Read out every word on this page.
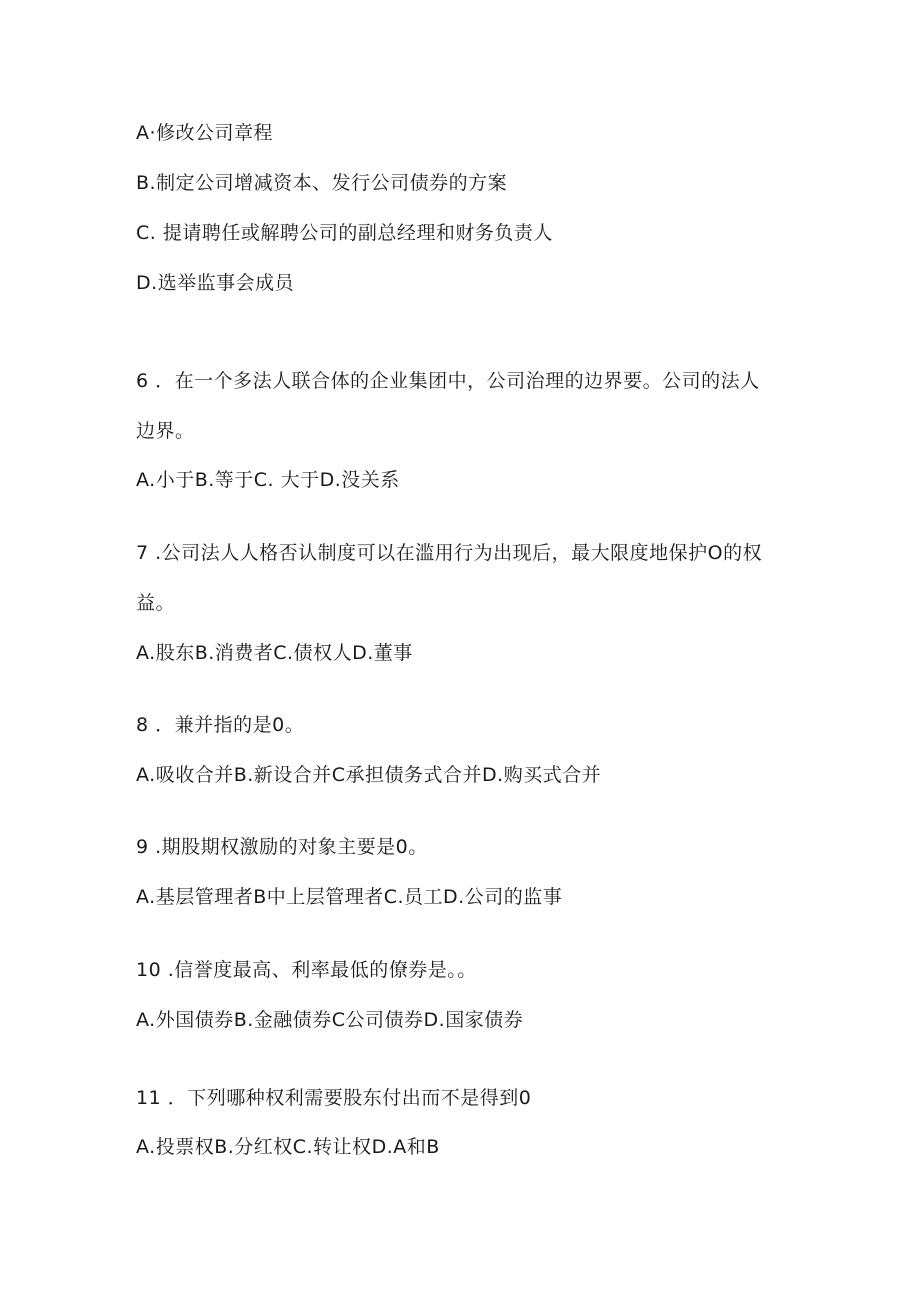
A·修改公司章程
B.制定公司增减资本、发行公司债券的方案
C. 提请聘任或解聘公司的副总经理和财务负责人
D.选举监事会成员
6 ．在一个多法人联合体的企业集团中，公司治理的边界要。公司的法人
边界。
A.小于B.等于C. 大于D.没关系
7 .公司法人人格否认制度可以在滥用行为出现后，最大限度地保护O的权
益。
A.股东B.消费者C.债权人D.董事
8 ．兼并指的是0。
A.吸收合并B.新设合并C承担债务式合并D.购买式合并
9 .期股期权激励的对象主要是0。
A.基层管理者B中上层管理者C.员工D.公司的监事
10 .信誉度最高、利率最低的僚券是。。
A.外国债券B.金融债券C公司债券D.国家债券
11 ．下列哪种权利需要股东付出而不是得到0
A.投票权B.分红权C.转让权D.A和B
